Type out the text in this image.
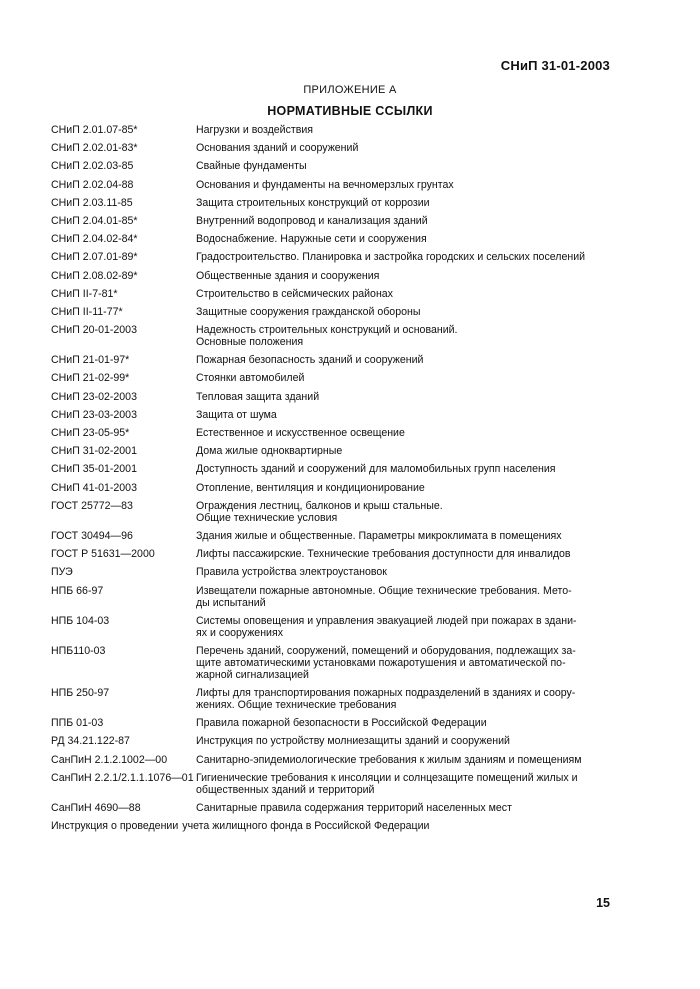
СНиП 31-01-2003
ПРИЛОЖЕНИЕ А
НОРМАТИВНЫЕ ССЫЛКИ
СНиП 2.01.07-85*	Нагрузки и воздействия
СНиП 2.02.01-83*	Основания зданий и сооружений
СНиП 2.02.03-85	Свайные фундаменты
СНиП 2.02.04-88	Основания и фундаменты на вечномерзлых грунтах
СНиП 2.03.11-85	Защита строительных конструкций от коррозии
СНиП 2.04.01-85*	Внутренний водопровод и канализация зданий
СНиП 2.04.02-84*	Водоснабжение. Наружные сети и сооружения
СНиП 2.07.01-89*	Градостроительство. Планировка и застройка городских и сельских поселений
СНиП 2.08.02-89*	Общественные здания и сооружения
СНиП II-7-81*	Строительство в сейсмических районах
СНиП II-11-77*	Защитные сооружения гражданской обороны
СНиП 20-01-2003	Надежность строительных конструкций и оснований.
Основные положения
СНиП 21-01-97*	Пожарная безопасность зданий и сооружений
СНиП 21-02-99*	Стоянки автомобилей
СНиП 23-02-2003	Тепловая защита зданий
СНиП 23-03-2003	Защита от шума
СНиП 23-05-95*	Естественное и искусственное освещение
СНиП 31-02-2001	Дома жилые одноквартирные
СНиП 35-01-2001	Доступность зданий и сооружений для маломобильных групп населения
СНиП 41-01-2003	Отопление, вентиляция и кондиционирование
ГОСТ 25772—83	Ограждения лестниц, балконов и крыш стальные.
Общие технические условия
ГОСТ 30494—96	Здания жилые и общественные. Параметры микроклимата в помещениях
ГОСТ Р 51631—2000	Лифты пассажирские. Технические требования доступности для инвалидов
ПУЭ	Правила устройства электроустановок
НПБ 66-97	Извещатели пожарные автономные. Общие технические требования. Мето-
ды испытаний
НПБ 104-03	Системы оповещения и управления эвакуацией людей при пожарах в здани-
ях и сооружениях
НПБ110-03	Перечень зданий, сооружений, помещений и оборудования, подлежащих за-
щите автоматическими установками пожаротушения и автоматической по-
жарной сигнализацией
НПБ 250-97	Лифты для транспортирования пожарных подразделений в зданиях и соору-
жениях. Общие технические требования
ППБ 01-03	Правила пожарной безопасности в Российской Федерации
РД 34.21.122-87	Инструкция по устройству молниезащиты зданий и сооружений
СанПиН 2.1.2.1002—00	Санитарно-эпидемиологические требования к жилым зданиям и помещениям
СанПиН 2.2.1/2.1.1.1076—01 Гигиенические требования к инсоляции и солнцезащите помещений жилых и
общественных зданий и территорий
СанПиН 4690—88	Санитарные правила содержания территорий населенных мест
Инструкция о проведении учета жилищного фонда в Российской Федерации
15
